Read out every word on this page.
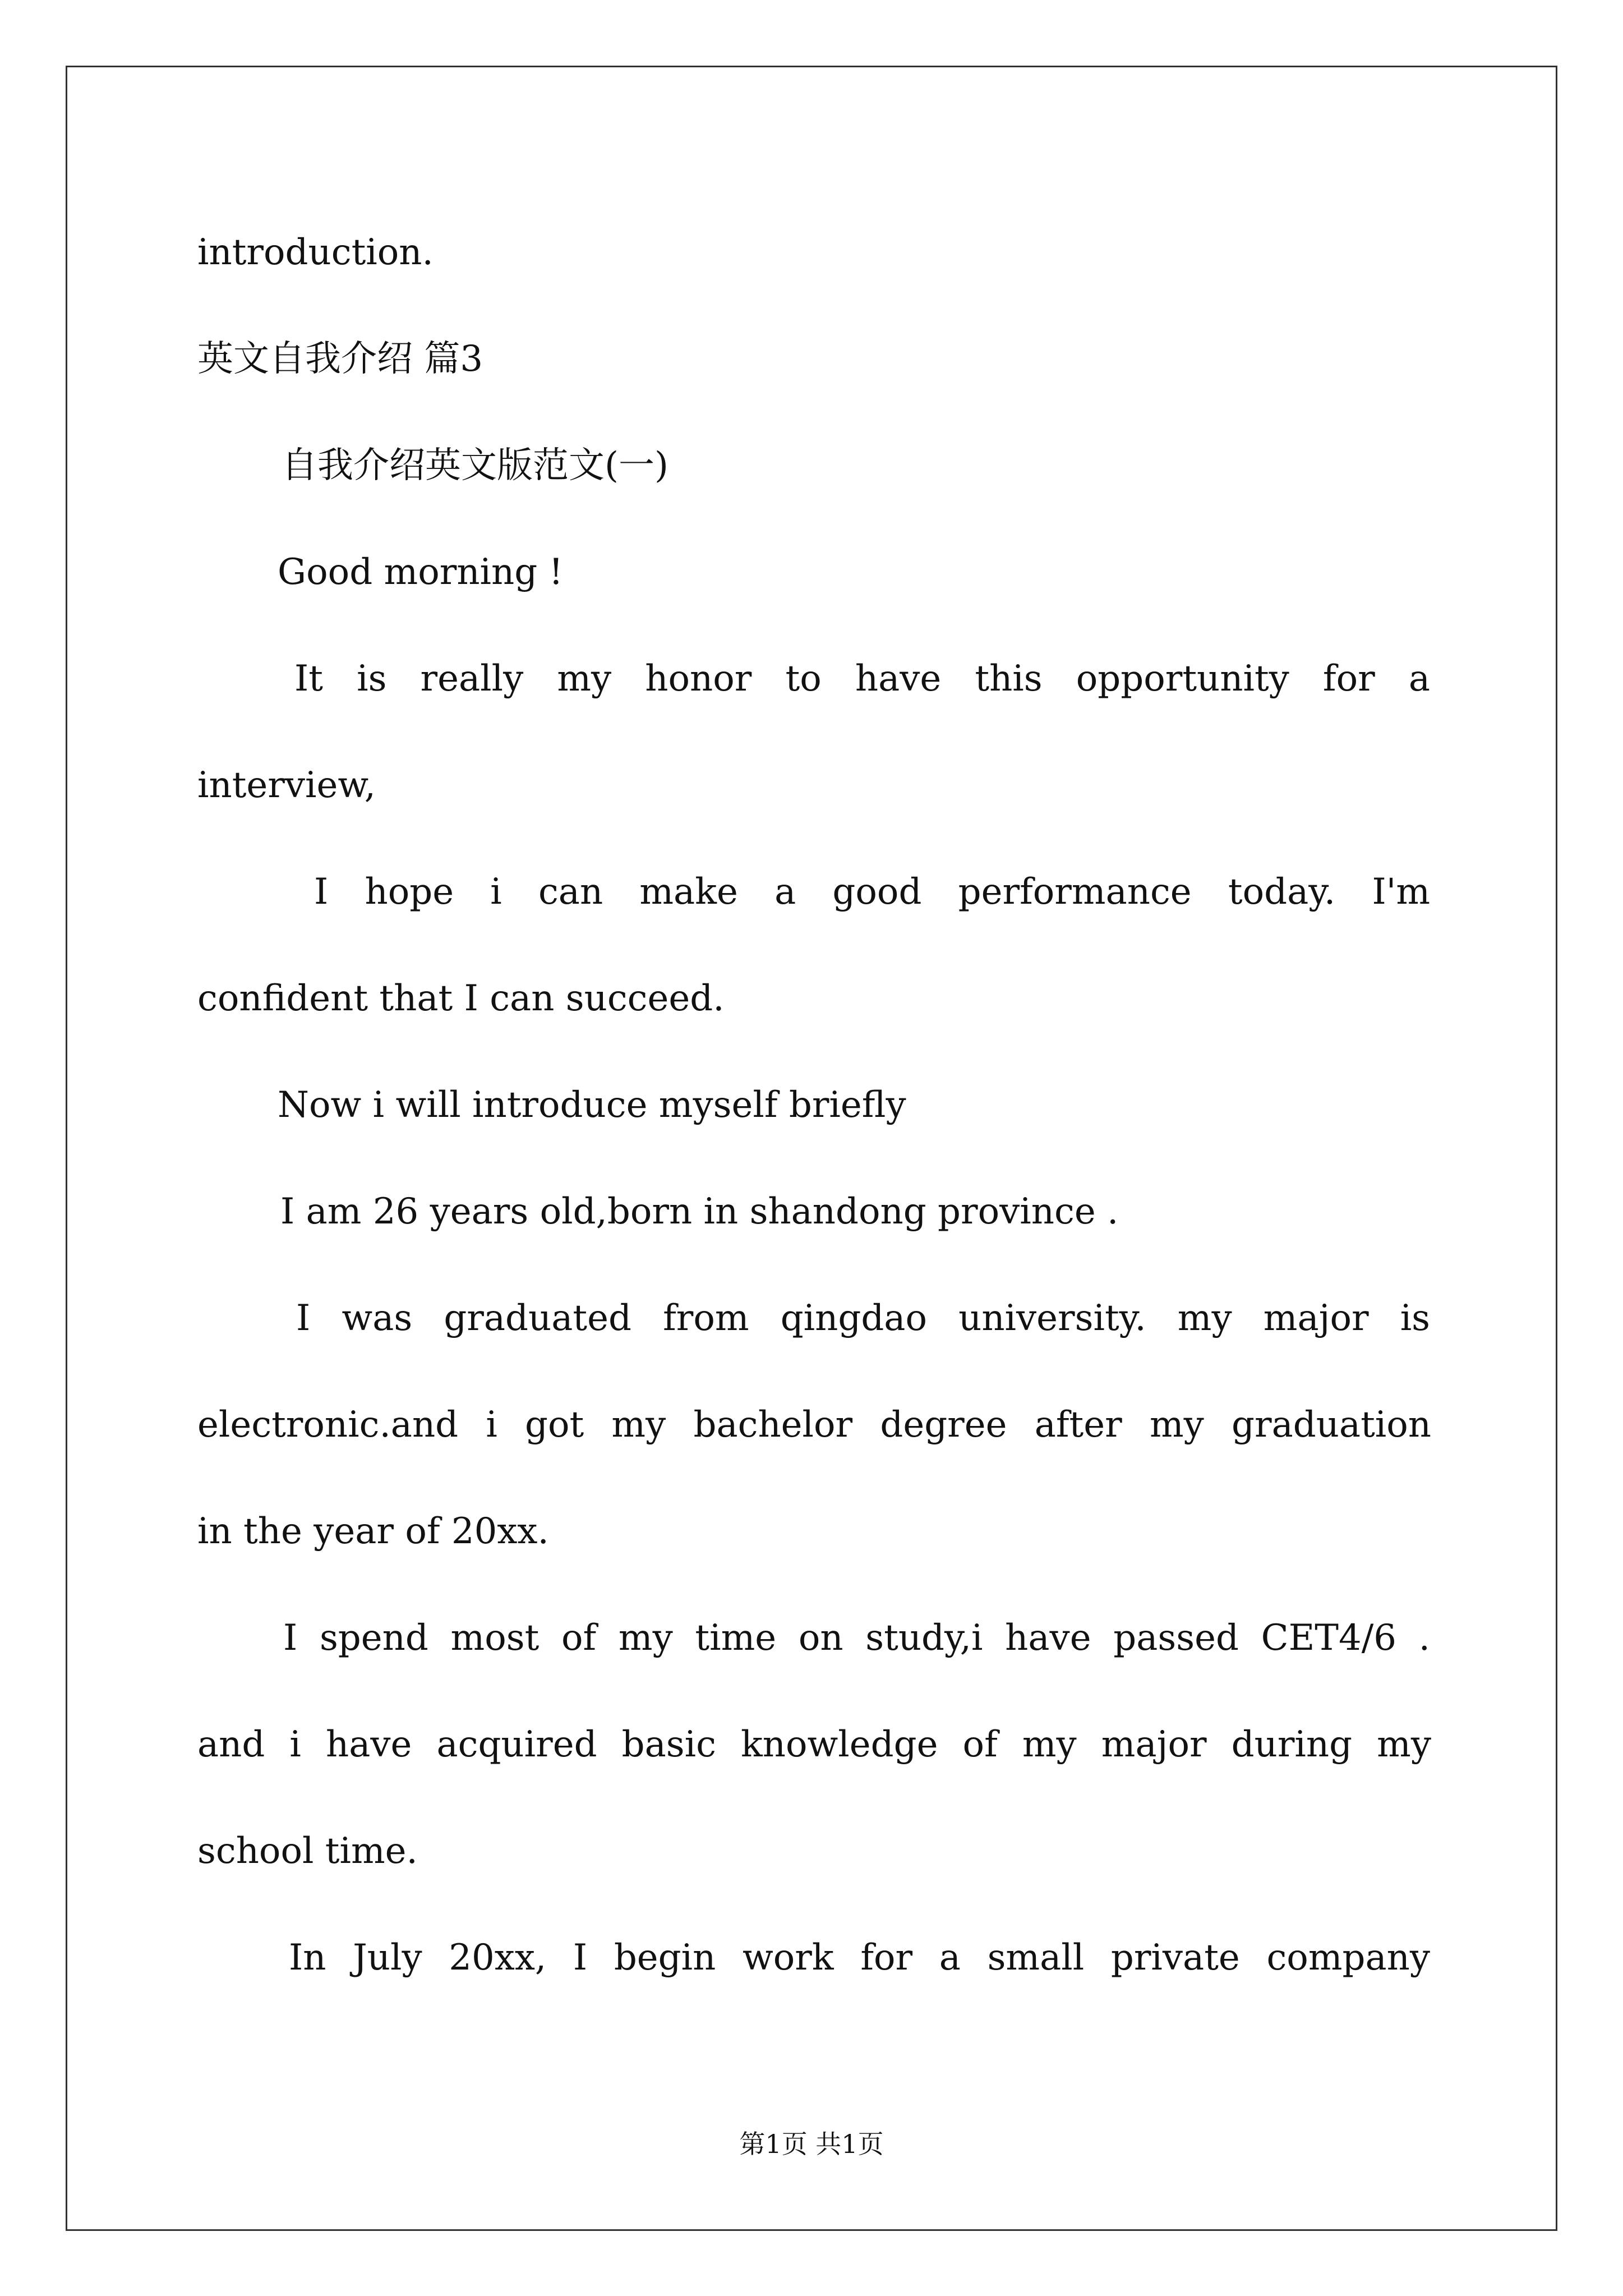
introduction.
英文自我介绍 篇3
自我介绍英文版范文(一)
Good morning !
It is really my honor to have this opportunity for a
interview,
I hope i can make a good performance today. I'm
confident that I can succeed.
Now i will introduce myself briefly
I am 26 years old,born in shandong province .
I was graduated from qingdao university. my major is
electronic.and i got my bachelor degree after my graduation
in the year of 20xx.
I spend most of my time on study,i have passed CET4/6 .
and i have acquired basic knowledge of my major during my
school time.
In July 20xx, I begin work for a small private company
第1页 共1页
